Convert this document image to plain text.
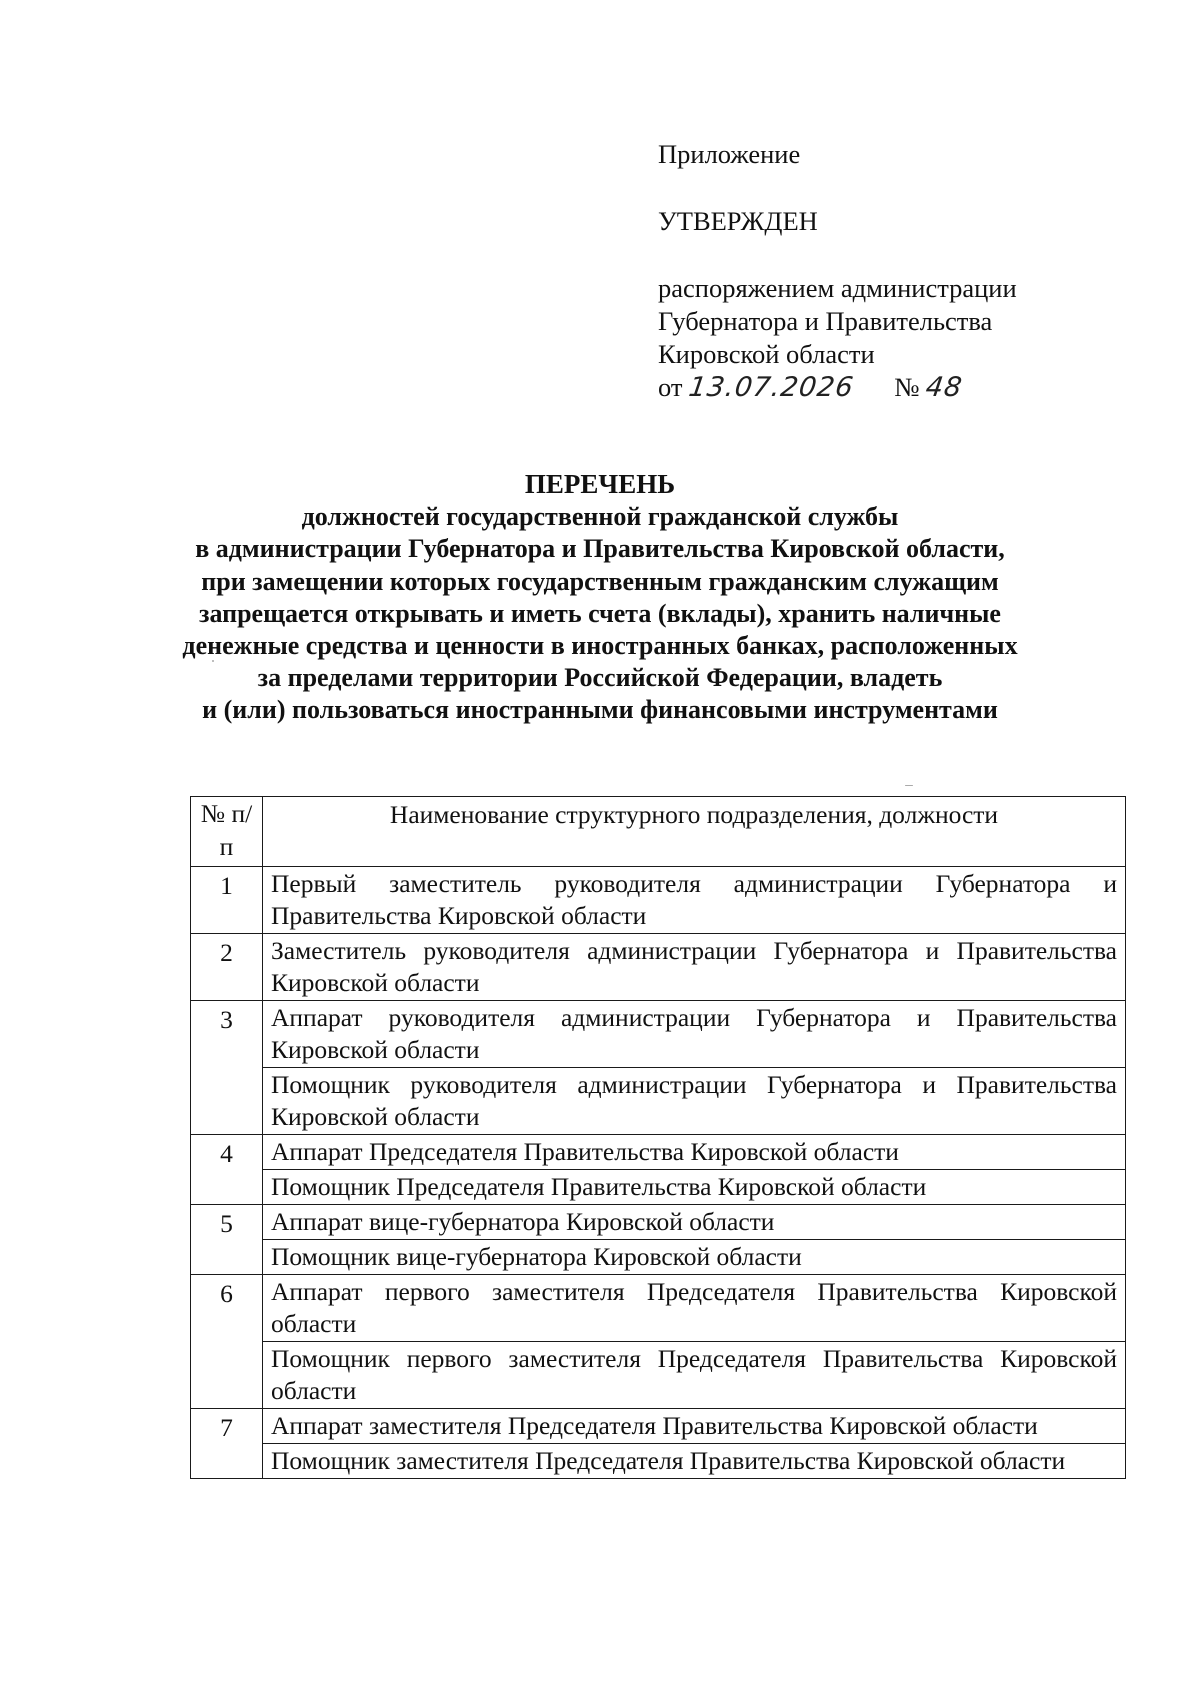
Приложение
УТВЕРЖДЕН
распоряжением администрации
Губернатора и Правительства
Кировской области
от 13.07.2026 № 48
ПЕРЕЧЕНЬ
должностей государственной гражданской службы
в администрации Губернатора и Правительства Кировской области,
при замещении которых государственным гражданским служащим
запрещается открывать и иметь счета (вклады), хранить наличные
денежные средства и ценности в иностранных банках, расположенных
за пределами территории Российской Федерации, владеть
и (или) пользоваться иностранными финансовыми инструментами
№ п/п	Наименование структурного подразделения, должности
1	Первый заместитель руководителя администрации Губернатора и Правительства Кировской области
2	Заместитель руководителя администрации Губернатора и Правительства Кировской области
3	Аппарат руководителя администрации Губернатора и Правительства Кировской области
	Помощник руководителя администрации Губернатора и Правительства Кировской области
4	Аппарат Председателя Правительства Кировской области
	Помощник Председателя Правительства Кировской области
5	Аппарат вице-губернатора Кировской области
	Помощник вице-губернатора Кировской области
6	Аппарат первого заместителя Председателя Правительства Кировской области
	Помощник первого заместителя Председателя Правительства Кировской области
7	Аппарат заместителя Председателя Правительства Кировской области
	Помощник заместителя Председателя Правительства Кировской области
